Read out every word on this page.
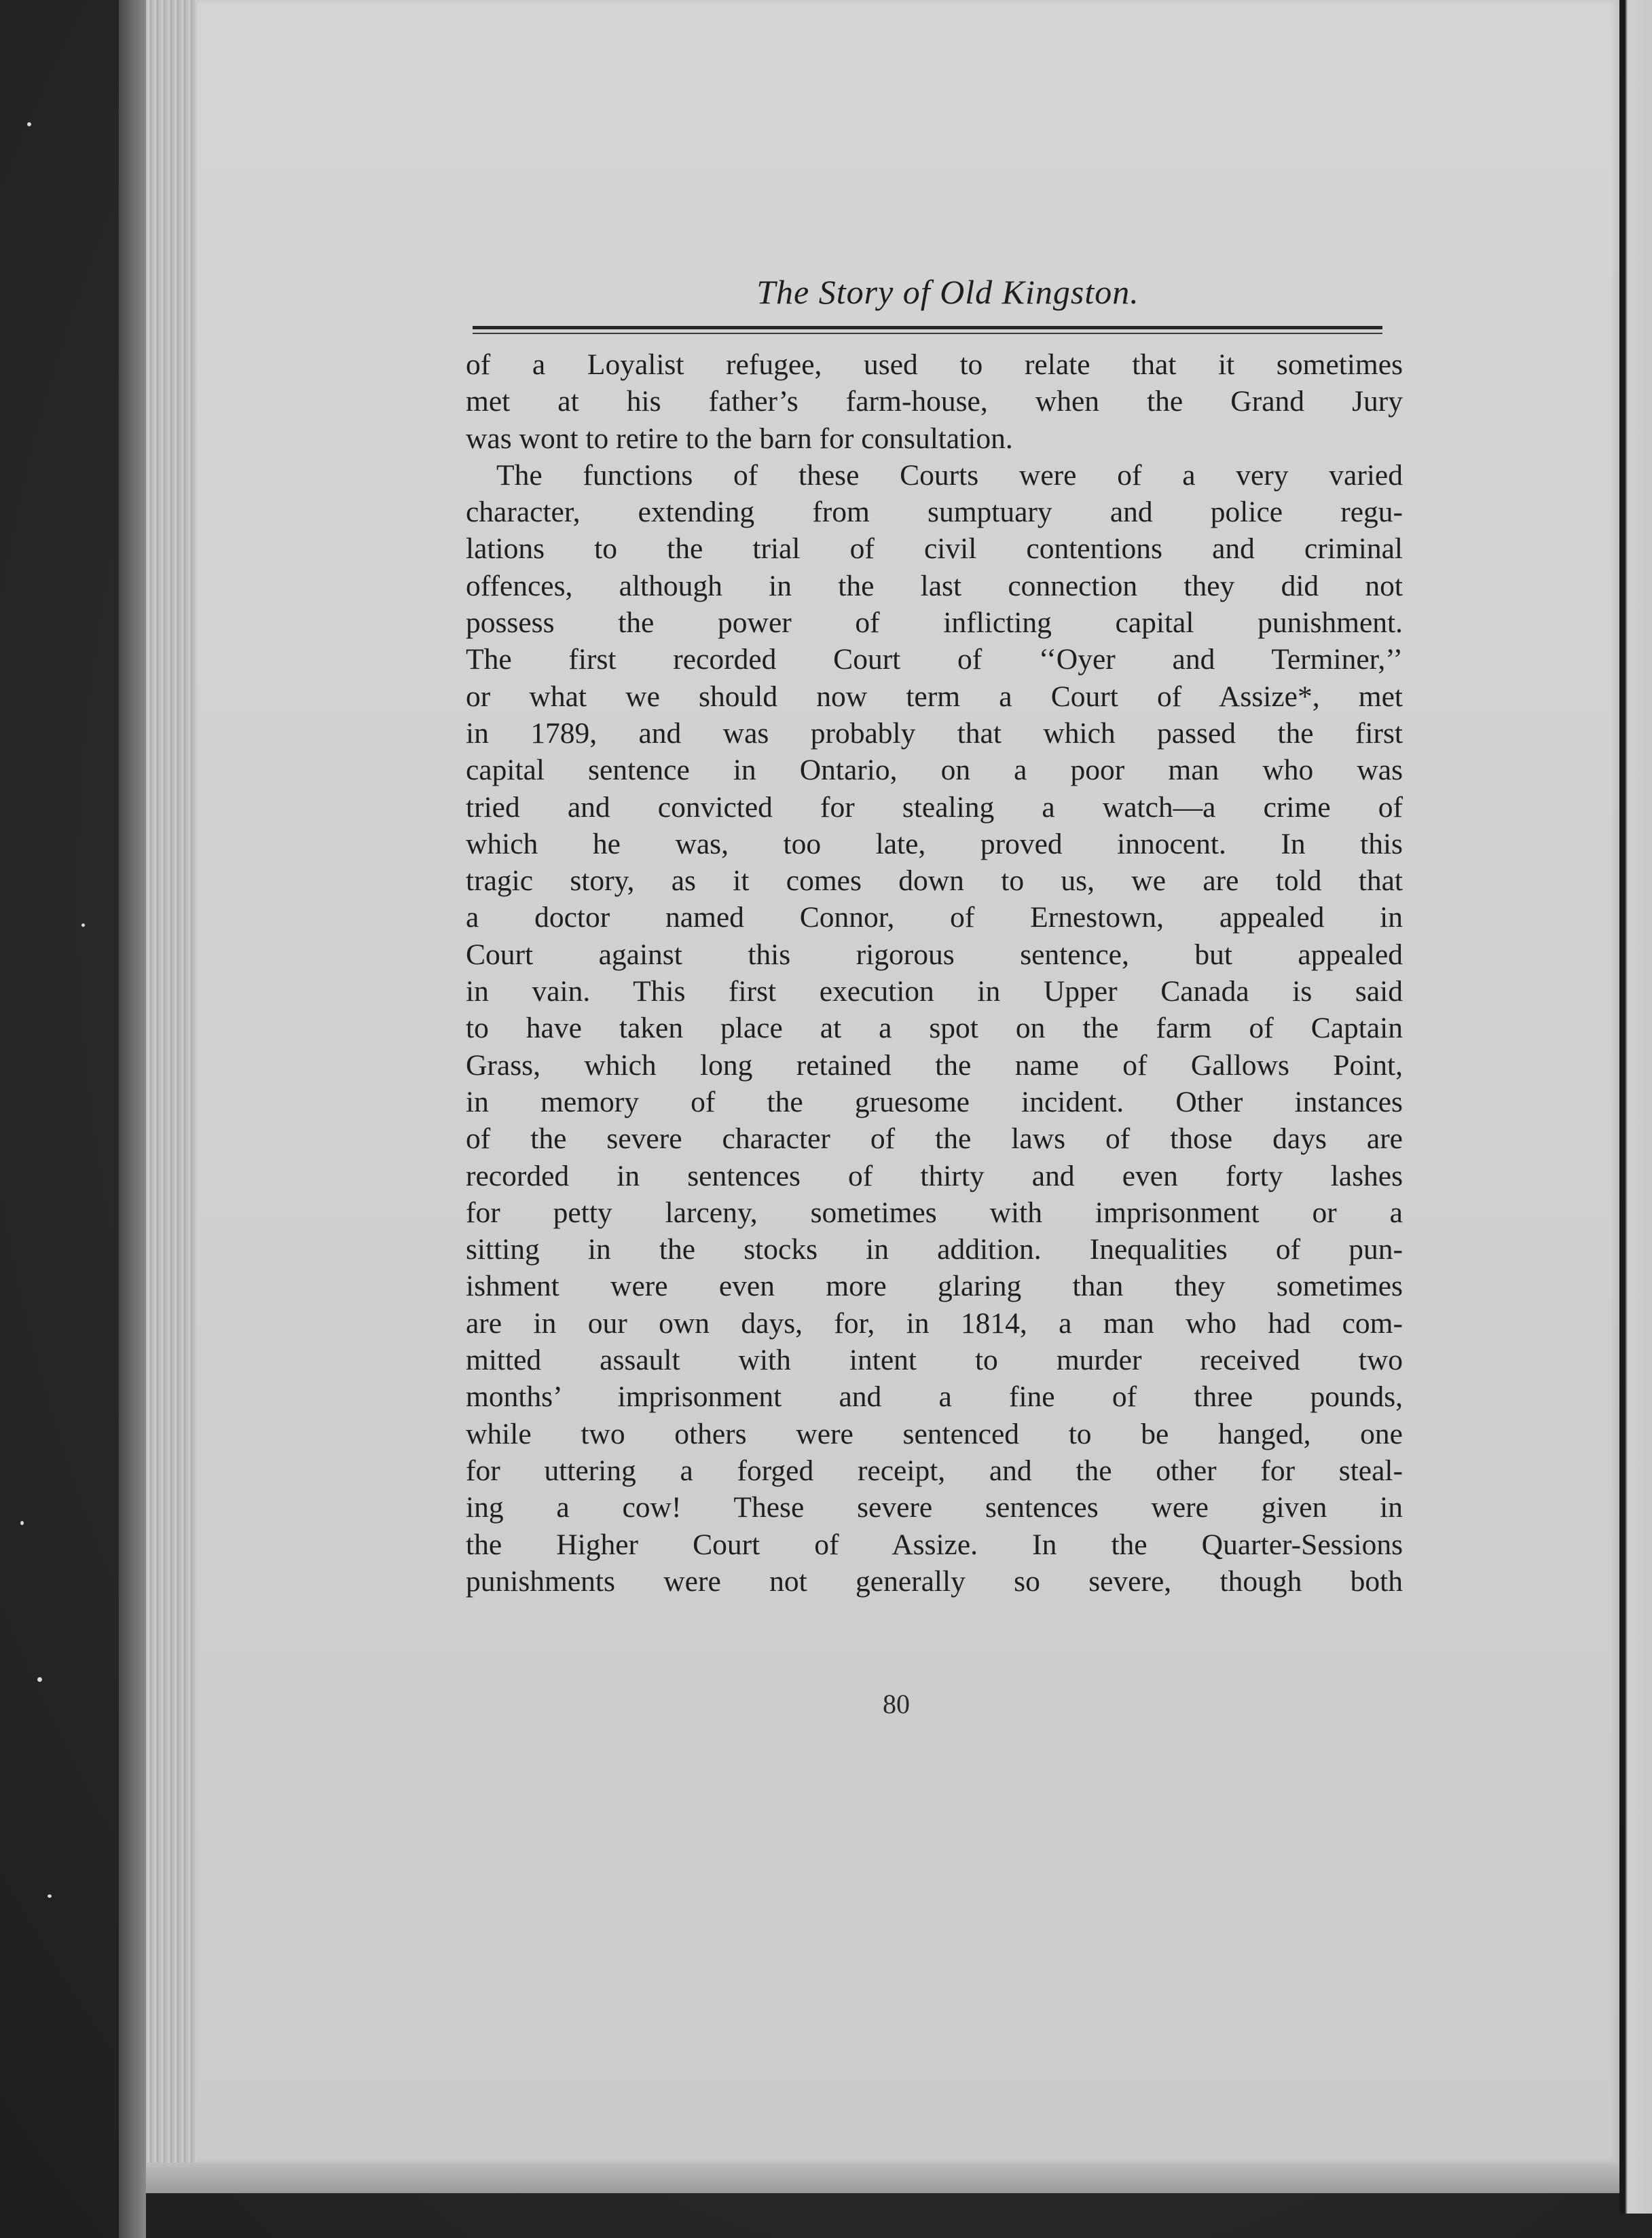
The Story of Old Kingston.
of a Loyalist refugee, used to relate that it sometimes
met at his father’s farm-house, when the Grand Jury
was wont to retire to the barn for consultation.
The functions of these Courts were of a very varied
character, extending from sumptuary and police regu-
lations to the trial of civil contentions and criminal
offences, although in the last connection they did not
possess the power of inflicting capital punishment.
The first recorded Court of ‘‘Oyer and Terminer,’’
or what we should now term a Court of Assize*, met
in 1789, and was probably that which passed the first
capital sentence in Ontario, on a poor man who was
tried and convicted for stealing a watch—a crime of
which he was, too late, proved innocent. In this
tragic story, as it comes down to us, we are told that
a doctor named Connor, of Ernestown, appealed in
Court against this rigorous sentence, but appealed
in vain. This first execution in Upper Canada is said
to have taken place at a spot on the farm of Captain
Grass, which long retained the name of Gallows Point,
in memory of the gruesome incident. Other instances
of the severe character of the laws of those days are
recorded in sentences of thirty and even forty lashes
for petty larceny, sometimes with imprisonment or a
sitting in the stocks in addition. Inequalities of pun-
ishment were even more glaring than they sometimes
are in our own days, for, in 1814, a man who had com-
mitted assault with intent to murder received two
months’ imprisonment and a fine of three pounds,
while two others were sentenced to be hanged, one
for uttering a forged receipt, and the other for steal-
ing a cow! These severe sentences were given in
the Higher Court of Assize. In the Quarter-Sessions
punishments were not generally so severe, though both
80
